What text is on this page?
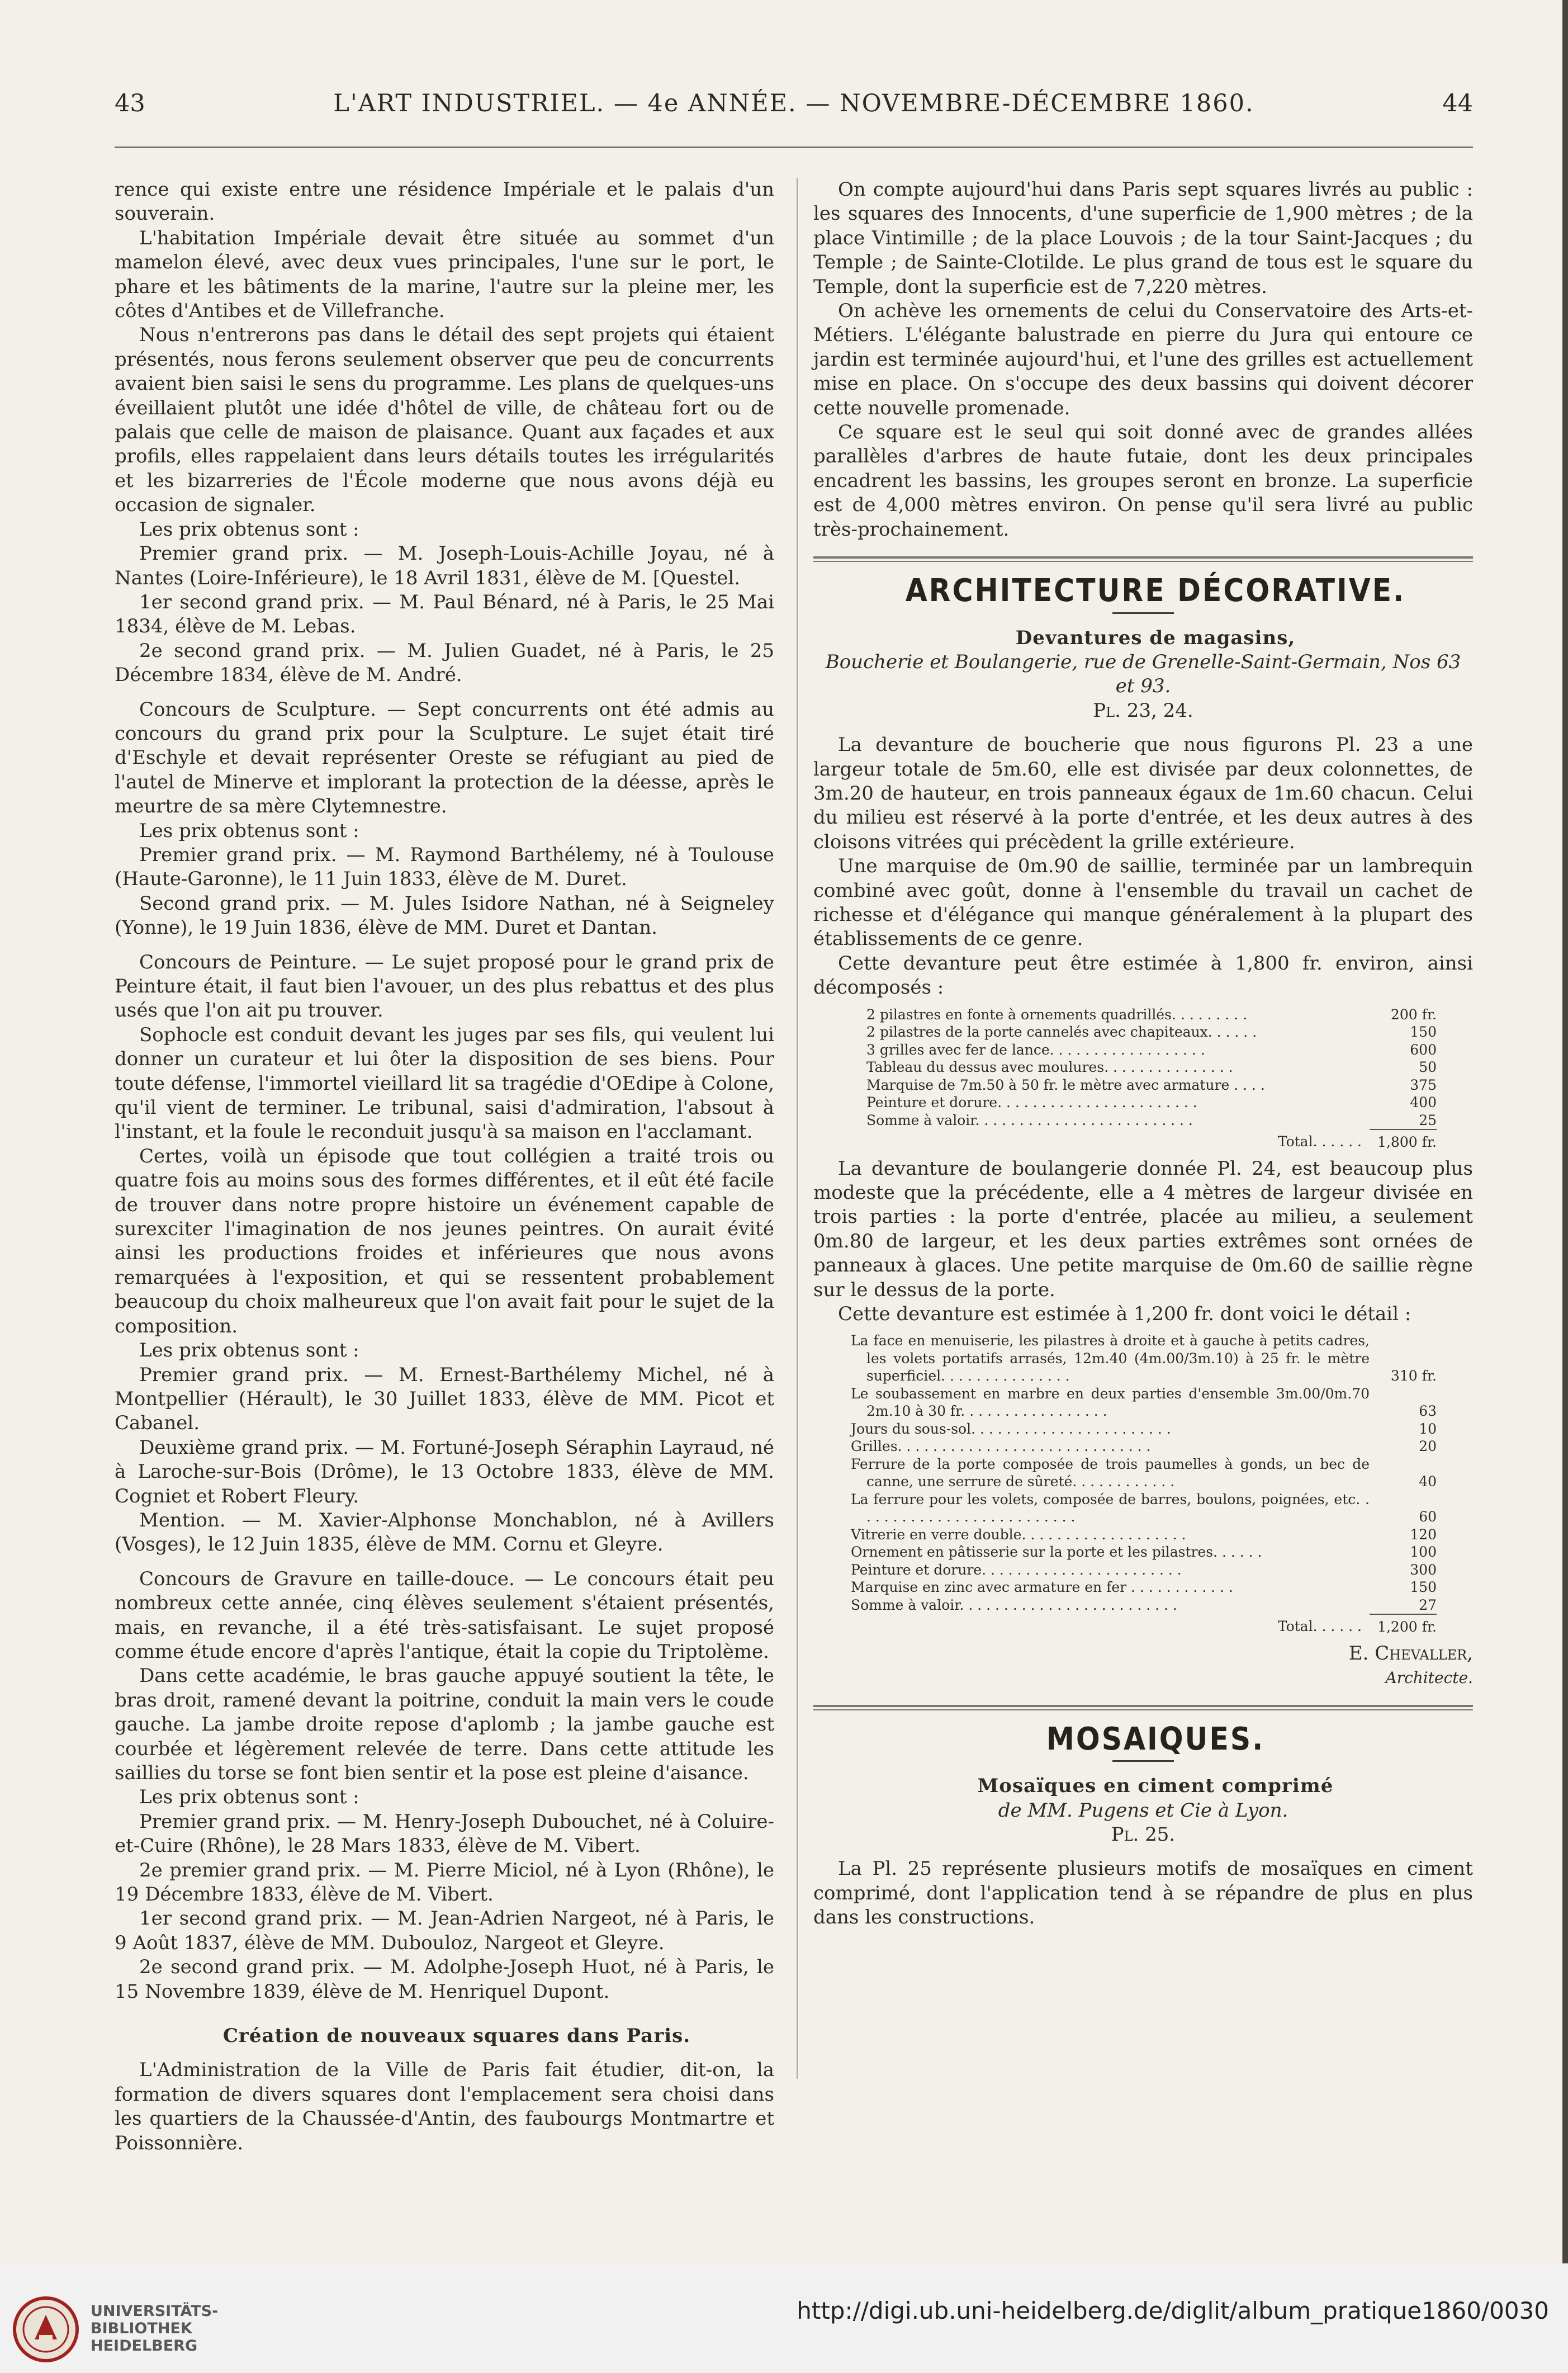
43	L'ART INDUSTRIEL. — 4e ANNÉE. — NOVEMBRE-DÉCEMBRE 1860.	44

rence qui existe entre une résidence Impériale et le palais d'un souverain.

L'habitation Impériale devait être située au sommet d'un mamelon élevé, avec deux vues principales, l'une sur le port, le phare et les bâtiments de la marine, l'autre sur la pleine mer, les côtes d'Antibes et de Villefranche.

Nous n'entrerons pas dans le détail des sept projets qui étaient présentés, nous ferons seulement observer que peu de concurrents avaient bien saisi le sens du programme. Les plans de quelques-uns éveillaient plutôt une idée d'hôtel de ville, de château fort ou de palais que celle de maison de plaisance. Quant aux façades et aux profils, elles rappelaient dans leurs détails toutes les irrégularités et les bizarreries de l'École moderne que nous avons déjà eu occasion de signaler.

Les prix obtenus sont :

Premier grand prix. — M. Joseph-Louis-Achille Joyau, né à Nantes (Loire-Inférieure), le 18 Avril 1831, élève de M. [Questel.

1er second grand prix. — M. Paul Bénard, né à Paris, le 25 Mai 1834, élève de M. Lebas.

2e second grand prix. — M. Julien Guadet, né à Paris, le 25 Décembre 1834, élève de M. André.

Concours de Sculpture. — Sept concurrents ont été admis au concours du grand prix pour la Sculpture. Le sujet était tiré d'Eschyle et devait représenter Oreste se réfugiant au pied de l'autel de Minerve et implorant la protection de la déesse, après le meurtre de sa mère Clytemnestre.

Les prix obtenus sont :

Premier grand prix. — M. Raymond Barthélemy, né à Toulouse (Haute-Garonne), le 11 Juin 1833, élève de M. Duret.

Second grand prix. — M. Jules Isidore Nathan, né à Seigneley (Yonne), le 19 Juin 1836, élève de MM. Duret et Dantan.

Concours de Peinture. — Le sujet proposé pour le grand prix de Peinture était, il faut bien l'avouer, un des plus rebattus et des plus usés que l'on ait pu trouver.

Sophocle est conduit devant les juges par ses fils, qui veulent lui donner un curateur et lui ôter la disposition de ses biens. Pour toute défense, l'immortel vieillard lit sa tragédie d'OEdipe à Colone, qu'il vient de terminer. Le tribunal, saisi d'admiration, l'absout à l'instant, et la foule le reconduit jusqu'à sa maison en l'acclamant.

Certes, voilà un épisode que tout collégien a traité trois ou quatre fois au moins sous des formes différentes, et il eût été facile de trouver dans notre propre histoire un événement capable de surexciter l'imagination de nos jeunes peintres. On aurait évité ainsi les productions froides et inférieures que nous avons remarquées à l'exposition, et qui se ressentent probablement beaucoup du choix malheureux que l'on avait fait pour le sujet de la composition.

Les prix obtenus sont :

Premier grand prix. — M. Ernest-Barthélemy Michel, né à Montpellier (Hérault), le 30 Juillet 1833, élève de MM. Picot et Cabanel.

Deuxième grand prix. — M. Fortuné-Joseph Séraphin Layraud, né à Laroche-sur-Bois (Drôme), le 13 Octobre 1833, élève de MM. Cogniet et Robert Fleury.

Mention. — M. Xavier-Alphonse Monchablon, né à Avillers (Vosges), le 12 Juin 1835, élève de MM. Cornu et Gleyre.

Concours de Gravure en taille-douce. — Le concours était peu nombreux cette année, cinq élèves seulement s'étaient présentés, mais, en revanche, il a été très-satisfaisant. Le sujet proposé comme étude encore d'après l'antique, était la copie du Triptolème.

Dans cette académie, le bras gauche appuyé soutient la tête, le bras droit, ramené devant la poitrine, conduit la main vers le coude gauche. La jambe droite repose d'aplomb ; la jambe gauche est courbée et légèrement relevée de terre. Dans cette attitude les saillies du torse se font bien sentir et la pose est pleine d'aisance.

Les prix obtenus sont :

Premier grand prix. — M. Henry-Joseph Dubouchet, né à Coluire-et-Cuire (Rhône), le 28 Mars 1833, élève de M. Vibert.

2e premier grand prix. — M. Pierre Miciol, né à Lyon (Rhône), le 19 Décembre 1833, élève de M. Vibert.

1er second grand prix. — M. Jean-Adrien Nargeot, né à Paris, le 9 Août 1837, élève de MM. Dubouloz, Nargeot et Gleyre.

2e second grand prix. — M. Adolphe-Joseph Huot, né à Paris, le 15 Novembre 1839, élève de M. Henriquel Dupont.

Création de nouveaux squares dans Paris.

L'Administration de la Ville de Paris fait étudier, dit-on, la formation de divers squares dont l'emplacement sera choisi dans les quartiers de la Chaussée-d'Antin, des faubourgs Montmartre et Poissonnière.

On compte aujourd'hui dans Paris sept squares livrés au public : les squares des Innocents, d'une superficie de 1,900 mètres ; de la place Vintimille ; de la place Louvois ; de la tour Saint-Jacques ; du Temple ; de Sainte-Clotilde. Le plus grand de tous est le square du Temple, dont la superficie est de 7,220 mètres.

On achève les ornements de celui du Conservatoire des Arts-et-Métiers. L'élégante balustrade en pierre du Jura qui entoure ce jardin est terminée aujourd'hui, et l'une des grilles est actuellement mise en place. On s'occupe des deux bassins qui doivent décorer cette nouvelle promenade.

Ce square est le seul qui soit donné avec de grandes allées parallèles d'arbres de haute futaie, dont les deux principales encadrent les bassins, les groupes seront en bronze. La superficie est de 4,000 mètres environ. On pense qu'il sera livré au public très-prochainement.

ARCHITECTURE DÉCORATIVE.

Devantures de magasins,

Boucherie et Boulangerie, rue de Grenelle-Saint-Germain, Nos 63 et 93.

Pl. 23, 24.

La devanture de boucherie que nous figurons Pl. 23 a une largeur totale de 5m.60, elle est divisée par deux colonnettes, de 3m.20 de hauteur, en trois panneaux égaux de 1m.60 chacun. Celui du milieu est réservé à la porte d'entrée, et les deux autres à des cloisons vitrées qui précèdent la grille extérieure.

Une marquise de 0m.90 de saillie, terminée par un lambrequin combiné avec goût, donne à l'ensemble du travail un cachet de richesse et d'élégance qui manque généralement à la plupart des établissements de ce genre.

Cette devanture peut être estimée à 1,800 fr. environ, ainsi décomposés :

2 pilastres en fonte à ornements quadrillés. . . . . . . . .	200 fr.
2 pilastres de la porte cannelés avec chapiteaux. . . . . .	150
3 grilles avec fer de lance. . . . . . . . . . . . . . . . . .	600
Tableau du dessus avec moulures. . . . . . . . . . . . . . .	50
Marquise de 7m.50 à 50 fr. le mètre avec armature . . . .	375
Peinture et dorure. . . . . . . . . . . . . . . . . . . . . . .	400
Somme à valoir. . . . . . . . . . . . . . . . . . . . . . . . .	25
Total. . . . . .	1,800 fr.

La devanture de boulangerie donnée Pl. 24, est beaucoup plus modeste que la précédente, elle a 4 mètres de largeur divisée en trois parties : la porte d'entrée, placée au milieu, a seulement 0m.80 de largeur, et les deux parties extrêmes sont ornées de panneaux à glaces. Une petite marquise de 0m.60 de saillie règne sur le dessus de la porte.

Cette devanture est estimée à 1,200 fr. dont voici le détail :

La face en menuiserie, les pilastres à droite et à gauche à petits cadres, les volets portatifs arrasés, 12m.40 (4m.00/3m.10) à 25 fr. le mètre superficiel. . . . . . . . . . . . . . .	310 fr.
Le soubassement en marbre en deux parties d'ensemble 3m.00/0m.70 2m.10 à 30 fr. . . . . . . . . . . . . . . . .	63
Jours du sous-sol. . . . . . . . . . . . . . . . . . . . . . .	10
Grilles. . . . . . . . . . . . . . . . . . . . . . . . . . . . .	20
Ferrure de la porte composée de trois paumelles à gonds, un bec de canne, une serrure de sûreté. . . . . . . . . . . .	40
La ferrure pour les volets, composée de barres, boulons, poignées, etc. . . . . . . . . . . . . . . . . . . . . . . . . .	60
Vitrerie en verre double. . . . . . . . . . . . . . . . . . .	120
Ornement en pâtisserie sur la porte et les pilastres. . . . . .	100
Peinture et dorure. . . . . . . . . . . . . . . . . . . . . . .	300
Marquise en zinc avec armature en fer . . . . . . . . . . . .	150
Somme à valoir. . . . . . . . . . . . . . . . . . . . . . . . .	27
Total. . . . . .	1,200 fr.

E. Chevaller,

Architecte.

MOSAIQUES.

Mosaïques en ciment comprimé

de MM. Pugens et Cie à Lyon.

Pl. 25.

La Pl. 25 représente plusieurs motifs de mosaïques en ciment comprimé, dont l'application tend à se répandre de plus en plus dans les constructions.

UNIVERSITÄTS-
BIBLIOTHEK
HEIDELBERG
http://digi.ub.uni-heidelberg.de/diglit/album_pratique1860/0030
